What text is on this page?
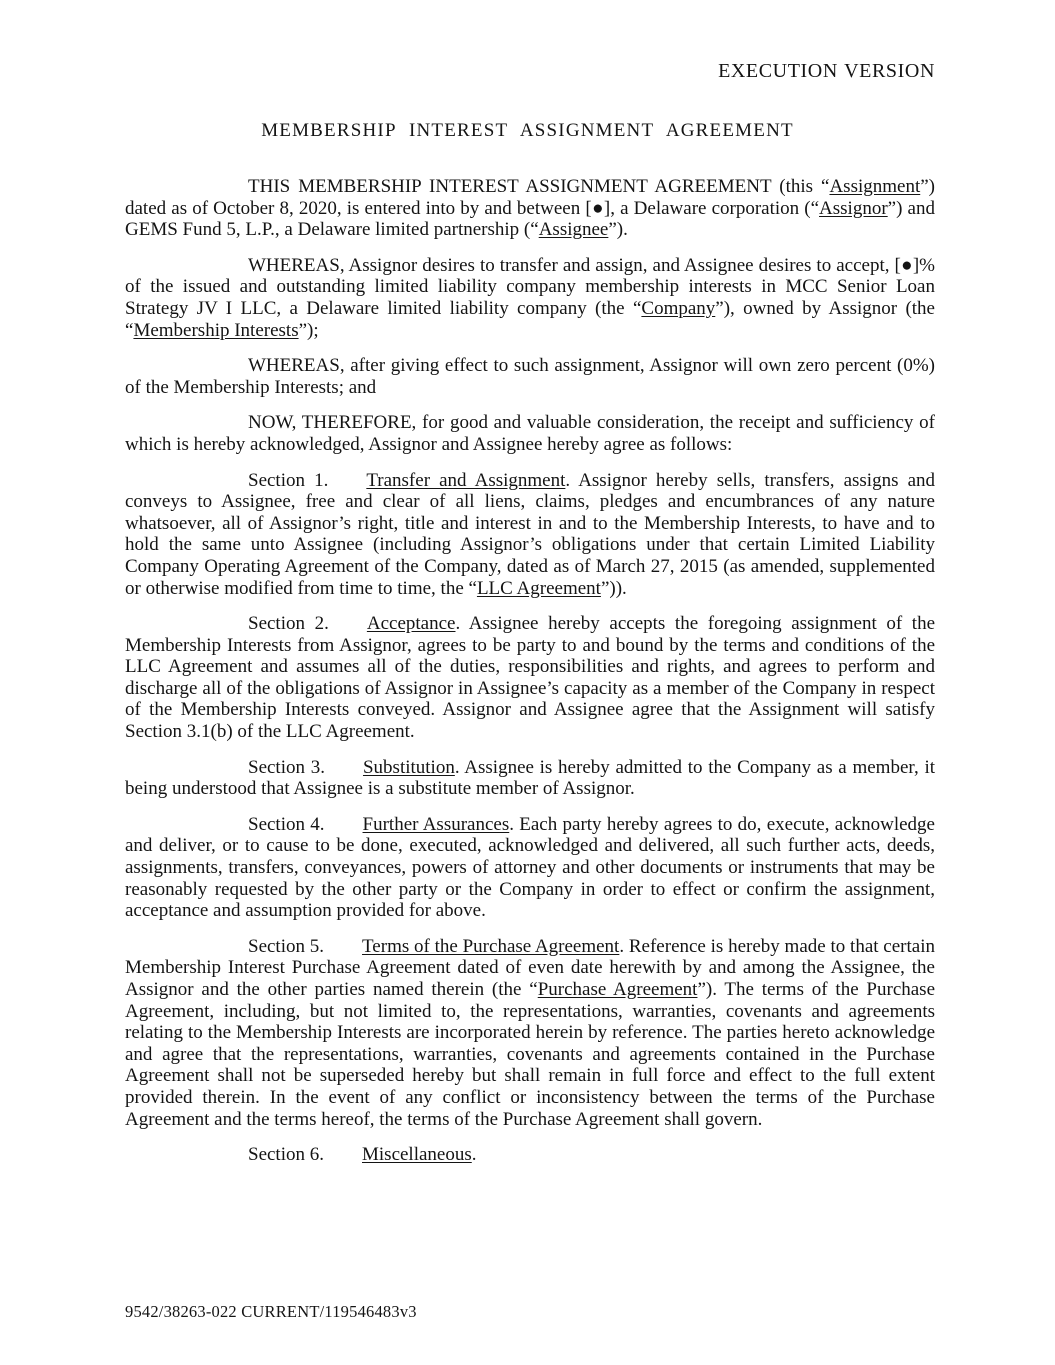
EXECUTION VERSION
MEMBERSHIP INTEREST ASSIGNMENT AGREEMENT

THIS MEMBERSHIP INTEREST ASSIGNMENT AGREEMENT (this “Assignment”) dated as of October 8, 2020, is entered into by and between [●], a Delaware corporation (“Assignor”) and GEMS Fund 5, L.P., a Delaware limited partnership (“Assignee”).

WHEREAS, Assignor desires to transfer and assign, and Assignee desires to accept, [●]% of the issued and outstanding limited liability company membership interests in MCC Senior Loan Strategy JV I LLC, a Delaware limited liability company (the “Company”), owned by Assignor (the “Membership Interests”);

WHEREAS, after giving effect to such assignment, Assignor will own zero percent (0%) of the Membership Interests; and

NOW, THEREFORE, for good and valuable consideration, the receipt and sufficiency of which is hereby acknowledged, Assignor and Assignee hereby agree as follows:

Section 1. Transfer and Assignment. Assignor hereby sells, transfers, assigns and conveys to Assignee, free and clear of all liens, claims, pledges and encumbrances of any nature whatsoever, all of Assignor’s right, title and interest in and to the Membership Interests, to have and to hold the same unto Assignee (including Assignor’s obligations under that certain Limited Liability Company Operating Agreement of the Company, dated as of March 27, 2015 (as amended, supplemented or otherwise modified from time to time, the “LLC Agreement”)).

Section 2. Acceptance. Assignee hereby accepts the foregoing assignment of the Membership Interests from Assignor, agrees to be party to and bound by the terms and conditions of the LLC Agreement and assumes all of the duties, responsibilities and rights, and agrees to perform and discharge all of the obligations of Assignor in Assignee’s capacity as a member of the Company in respect of the Membership Interests conveyed. Assignor and Assignee agree that the Assignment will satisfy Section 3.1(b) of the LLC Agreement.

Section 3. Substitution. Assignee is hereby admitted to the Company as a member, it being understood that Assignee is a substitute member of Assignor.

Section 4. Further Assurances. Each party hereby agrees to do, execute, acknowledge and deliver, or to cause to be done, executed, acknowledged and delivered, all such further acts, deeds, assignments, transfers, conveyances, powers of attorney and other documents or instruments that may be reasonably requested by the other party or the Company in order to effect or confirm the assignment, acceptance and assumption provided for above.

Section 5. Terms of the Purchase Agreement. Reference is hereby made to that certain Membership Interest Purchase Agreement dated of even date herewith by and among the Assignee, the Assignor and the other parties named therein (the “Purchase Agreement”). The terms of the Purchase Agreement, including, but not limited to, the representations, warranties, covenants and agreements relating to the Membership Interests are incorporated herein by reference. The parties hereto acknowledge and agree that the representations, warranties, covenants and agreements contained in the Purchase Agreement shall not be superseded hereby but shall remain in full force and effect to the full extent provided therein. In the event of any conflict or inconsistency between the terms of the Purchase Agreement and the terms hereof, the terms of the Purchase Agreement shall govern.

Section 6. Miscellaneous.

9542/38263-022 CURRENT/119546483v3
